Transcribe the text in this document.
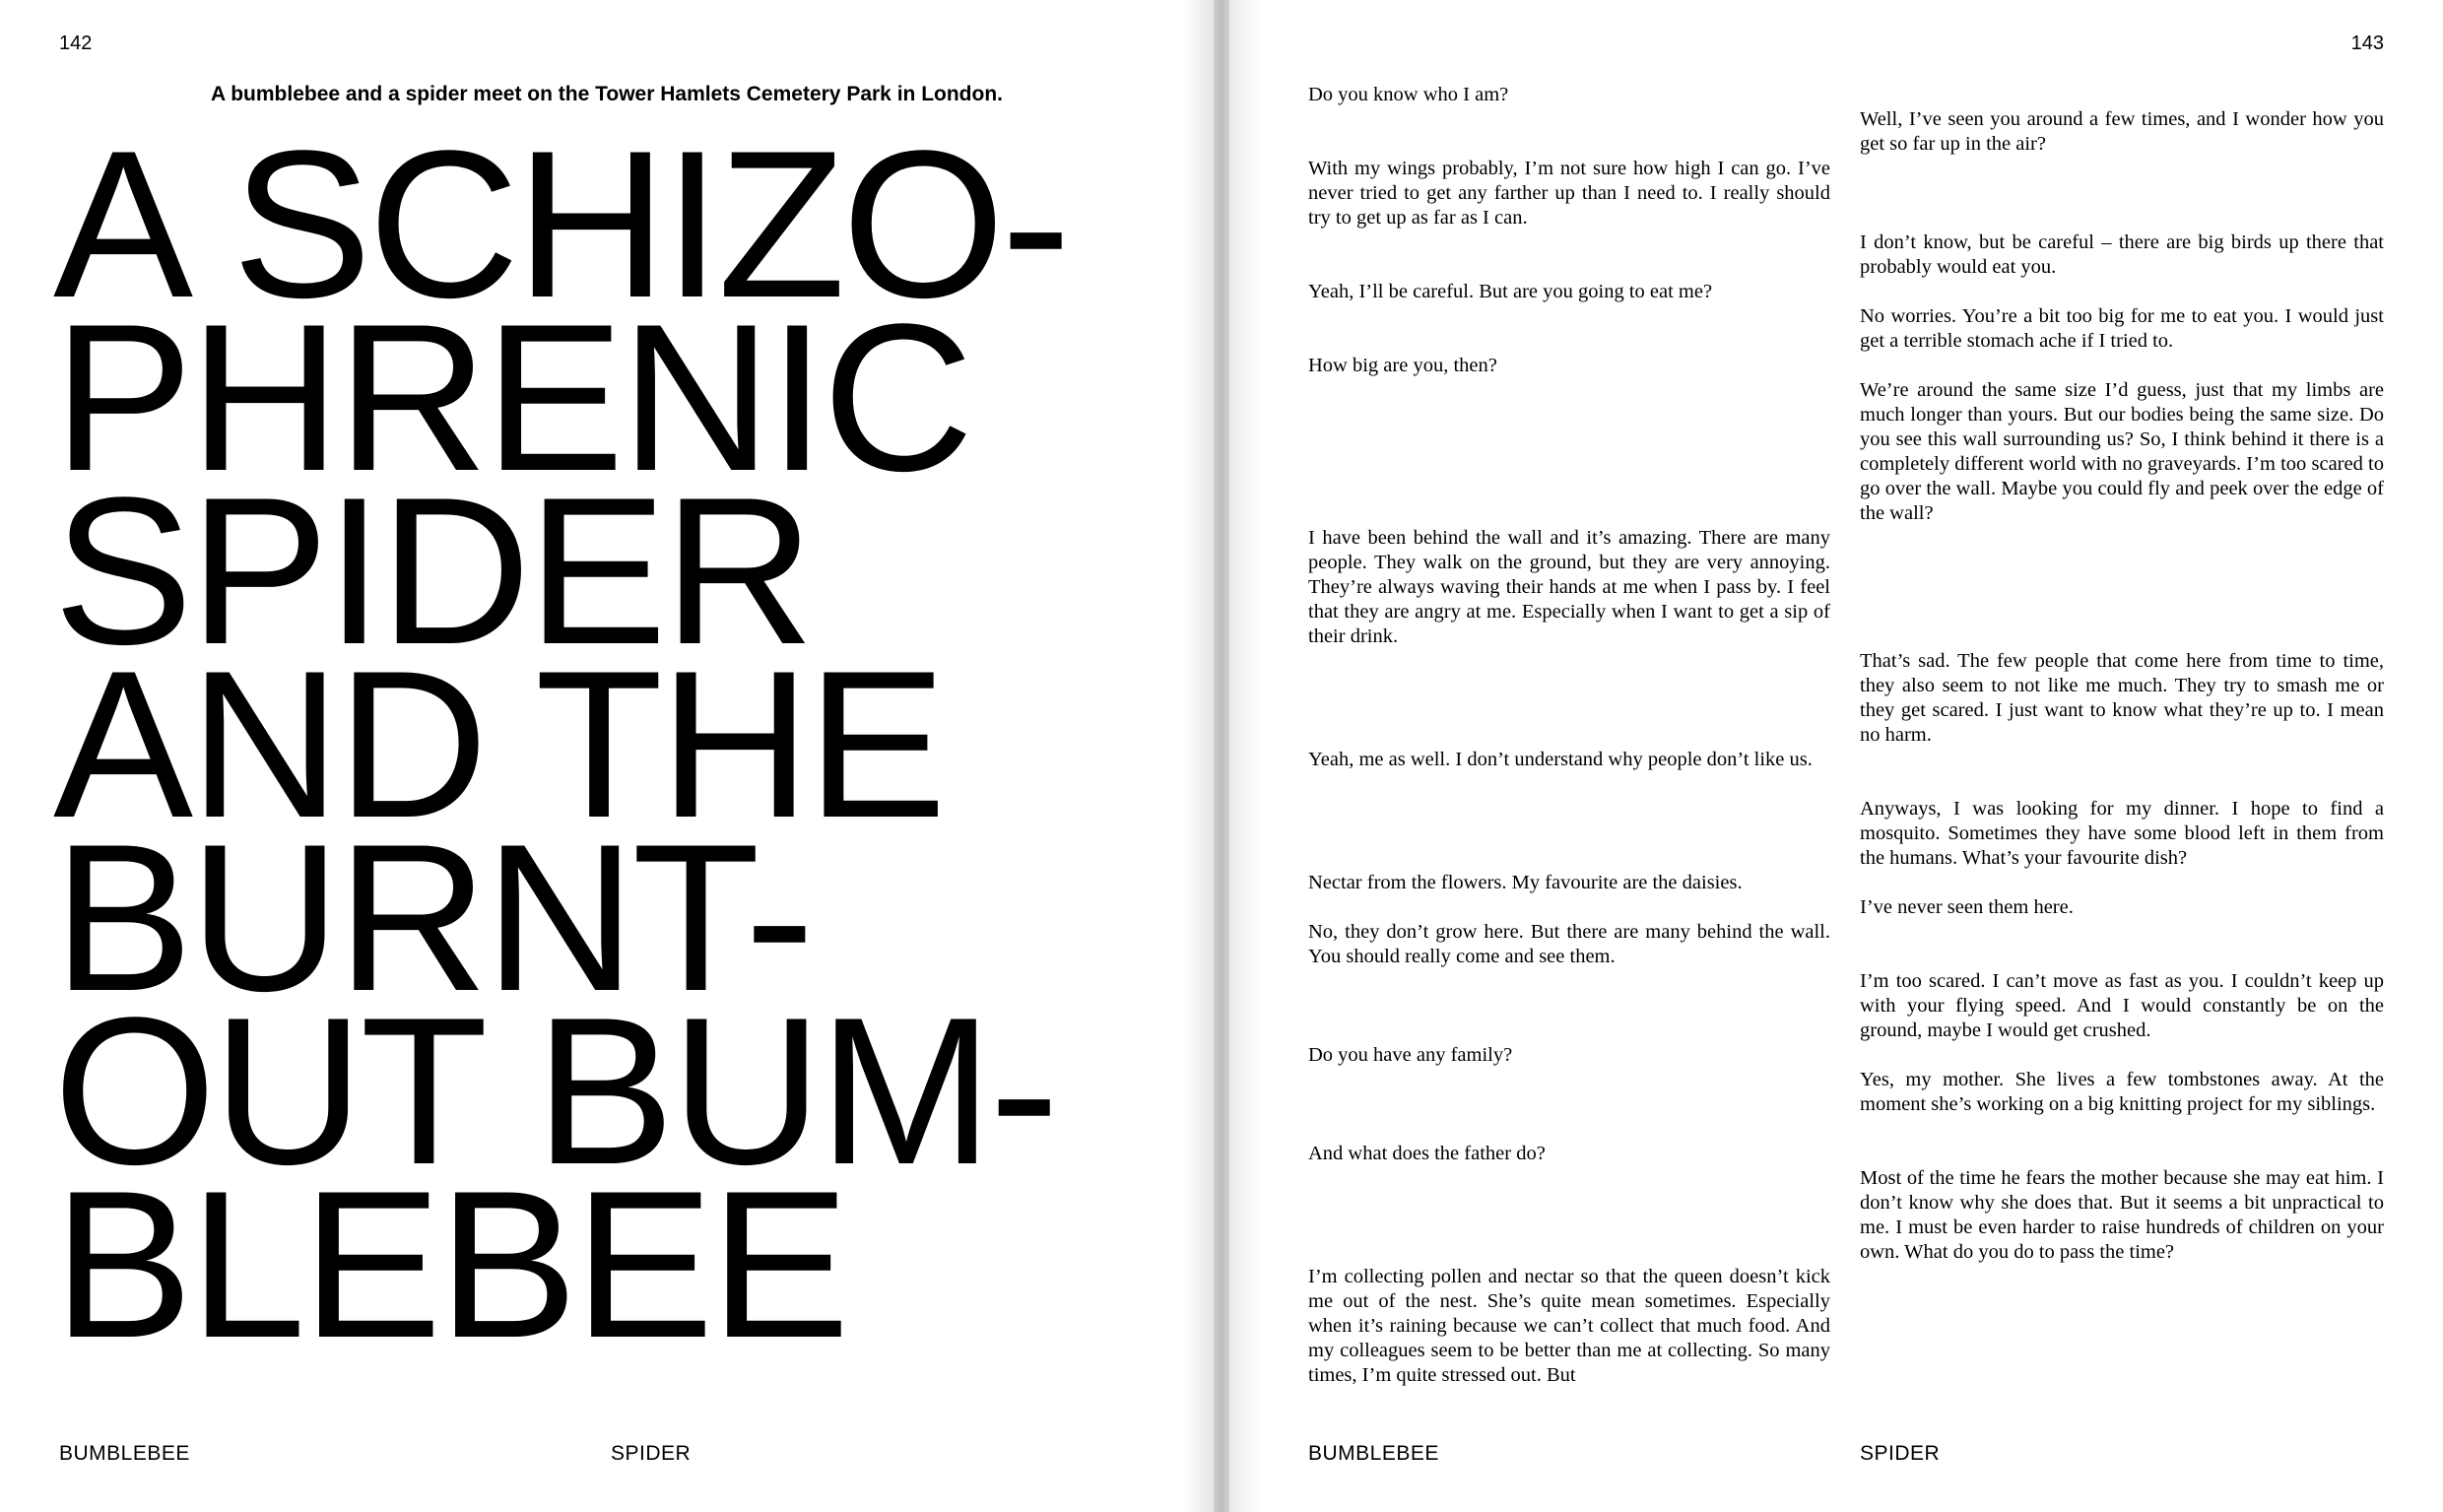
142
A bumblebee and a spider meet on the Tower Hamlets Cemetery Park in London.
A SCHIZO-
PHRENIC
SPIDER
AND THE
BURNT-
OUT BUM-
BLEBEE
BUMBLEBEE	SPIDER
143
Do you know who I am?
With my wings probably, I’m not sure how high I can go. I’ve never tried to get any farther up than I need to. I really should try to get up as far as I can.
Yeah, I’ll be careful. But are you going to eat me?
How big are you, then?
I have been behind the wall and it’s amazing. There are many people. They walk on the ground, but they are very annoying. They’re always waving their hands at me when I pass by. I feel that they are angry at me. Especially when I want to get a sip of their drink.
Yeah, me as well. I don’t understand why people don’t like us.
Nectar from the flowers. My favourite are the daisies.
No, they don’t grow here. But there are many behind the wall. You should really come and see them.
Do you have any family?
And what does the father do?
I’m collecting pollen and nectar so that the queen doesn’t kick me out of the nest. She’s quite mean sometimes. Especially when it’s raining because we can’t collect that much food. And my colleagues seem to be better than me at collecting. So many times, I’m quite stressed out. But
Well, I’ve seen you around a few times, and I wonder how you get so far up in the air?
I don’t know, but be careful – there are big birds up there that probably would eat you.
No worries. You’re a bit too big for me to eat you. I would just get a terrible stomach ache if I tried to.
We’re around the same size I’d guess, just that my limbs are much longer than yours. But our bodies being the same size. Do you see this wall surrounding us? So, I think behind it there is a completely different world with no graveyards. I’m too scared to go over the wall. Maybe you could fly and peek over the edge of the wall?
That’s sad. The few people that come here from time to time, they also seem to not like me much. They try to smash me or they get scared. I just want to know what they’re up to. I mean no harm.
Anyways, I was looking for my dinner. I hope to find a mosquito. Sometimes they have some blood left in them from the humans. What’s your favourite dish?
I’ve never seen them here.
I’m too scared. I can’t move as fast as you. I couldn’t keep up with your flying speed. And I would constantly be on the ground, maybe I would get crushed.
Yes, my mother. She lives a few tombstones away. At the moment she’s working on a big knitting project for my siblings.
Most of the time he fears the mother because she may eat him. I don’t know why she does that. But it seems a bit unpractical to me. I must be even harder to raise hundreds of children on your own. What do you do to pass the time?
BUMBLEBEE	SPIDER
